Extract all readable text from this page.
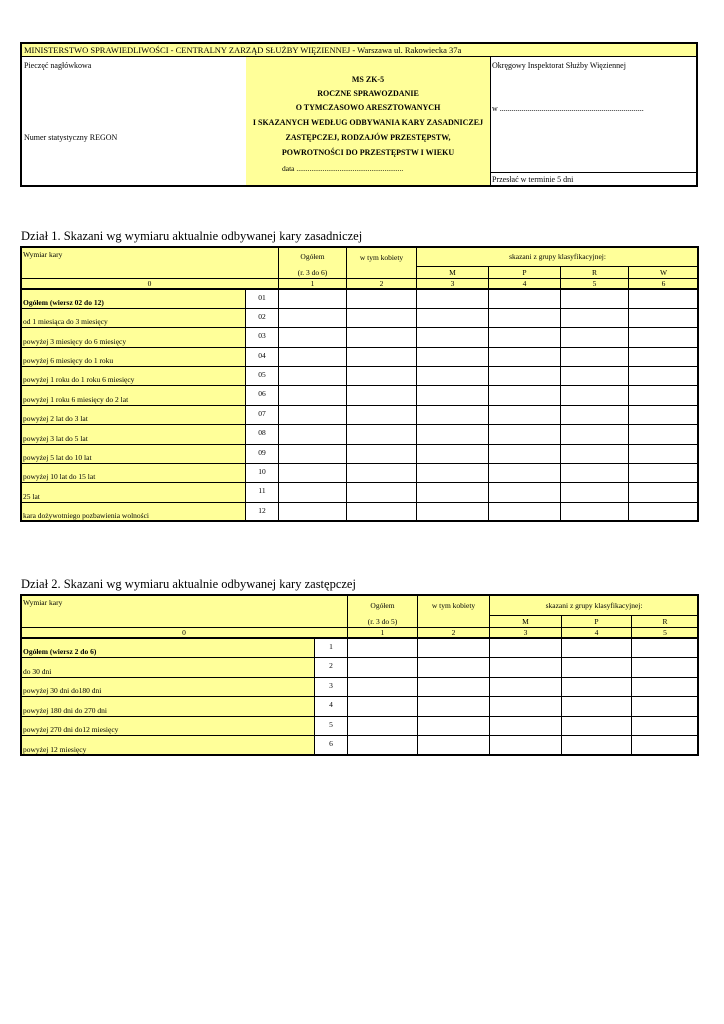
MINISTERSTWO SPRAWIEDLIWOŚCI - CENTRALNY ZARZĄD SŁUŻBY WIĘZIENNEJ - Warszawa ul. Rakowiecka 37a
Pieczęć nagłówkowa
Numer statystyczny REGON
MS ZK-5
ROCZNE SPRAWOZDANIE
O TYMCZASOWO ARESZTOWANYCH
I SKAZANYCH WEDŁUG ODBYWANIA KARY ZASADNICZEJ
ZASTĘPCZEJ, RODZAJÓW PRZESTĘPSTW,
POWROTNOŚCI DO PRZESTĘPSTW I WIEKU
data .........................................................
Okręgowy Inspektorat Służby Więziennej
w ........................................................................
Przesłać w terminie 5 dni
Dział 1. Skazani wg wymiaru aktualnie odbywanej kary zasadniczej
Wymiar kary		Ogółem	w tym kobiety	skazani z grupy klasyfikacyjnej:			
		(r. 3 do 6)		M	P	R	W
0		1	2	3	4	5	6
Ogółem (wiersz 02 do 12)	01						
od 1 miesiąca do 3 miesięcy	02						
powyżej 3 miesięcy do 6 miesięcy	03						
powyżej 6 miesięcy do 1 roku	04						
powyżej 1 roku do 1 roku 6 miesięcy	05						
powyżej 1 roku 6 miesięcy do 2 lat	06						
powyżej 2 lat do 3 lat	07						
powyżej 3 lat do 5 lat	08						
powyżej 5 lat do 10 lat	09						
powyżej 10 lat do 15 lat	10						
25 lat	11						
kara dożywotniego pozbawienia wolności	12						
Dział 2. Skazani wg wymiaru aktualnie odbywanej kary zastępczej
Wymiar kary		Ogółem	w tym kobiety	skazani z grupy klasyfikacyjnej:		
		(r. 3 do 5)		M	P	R
0		1	2	3	4	5
Ogółem (wiersz 2 do 6)	1					
do 30 dni	2					
powyżej 30 dni do180 dni	3					
powyżej 180 dni do 270 dni	4					
powyżej 270 dni do12 miesięcy	5					
powyżej 12 miesięcy	6					
